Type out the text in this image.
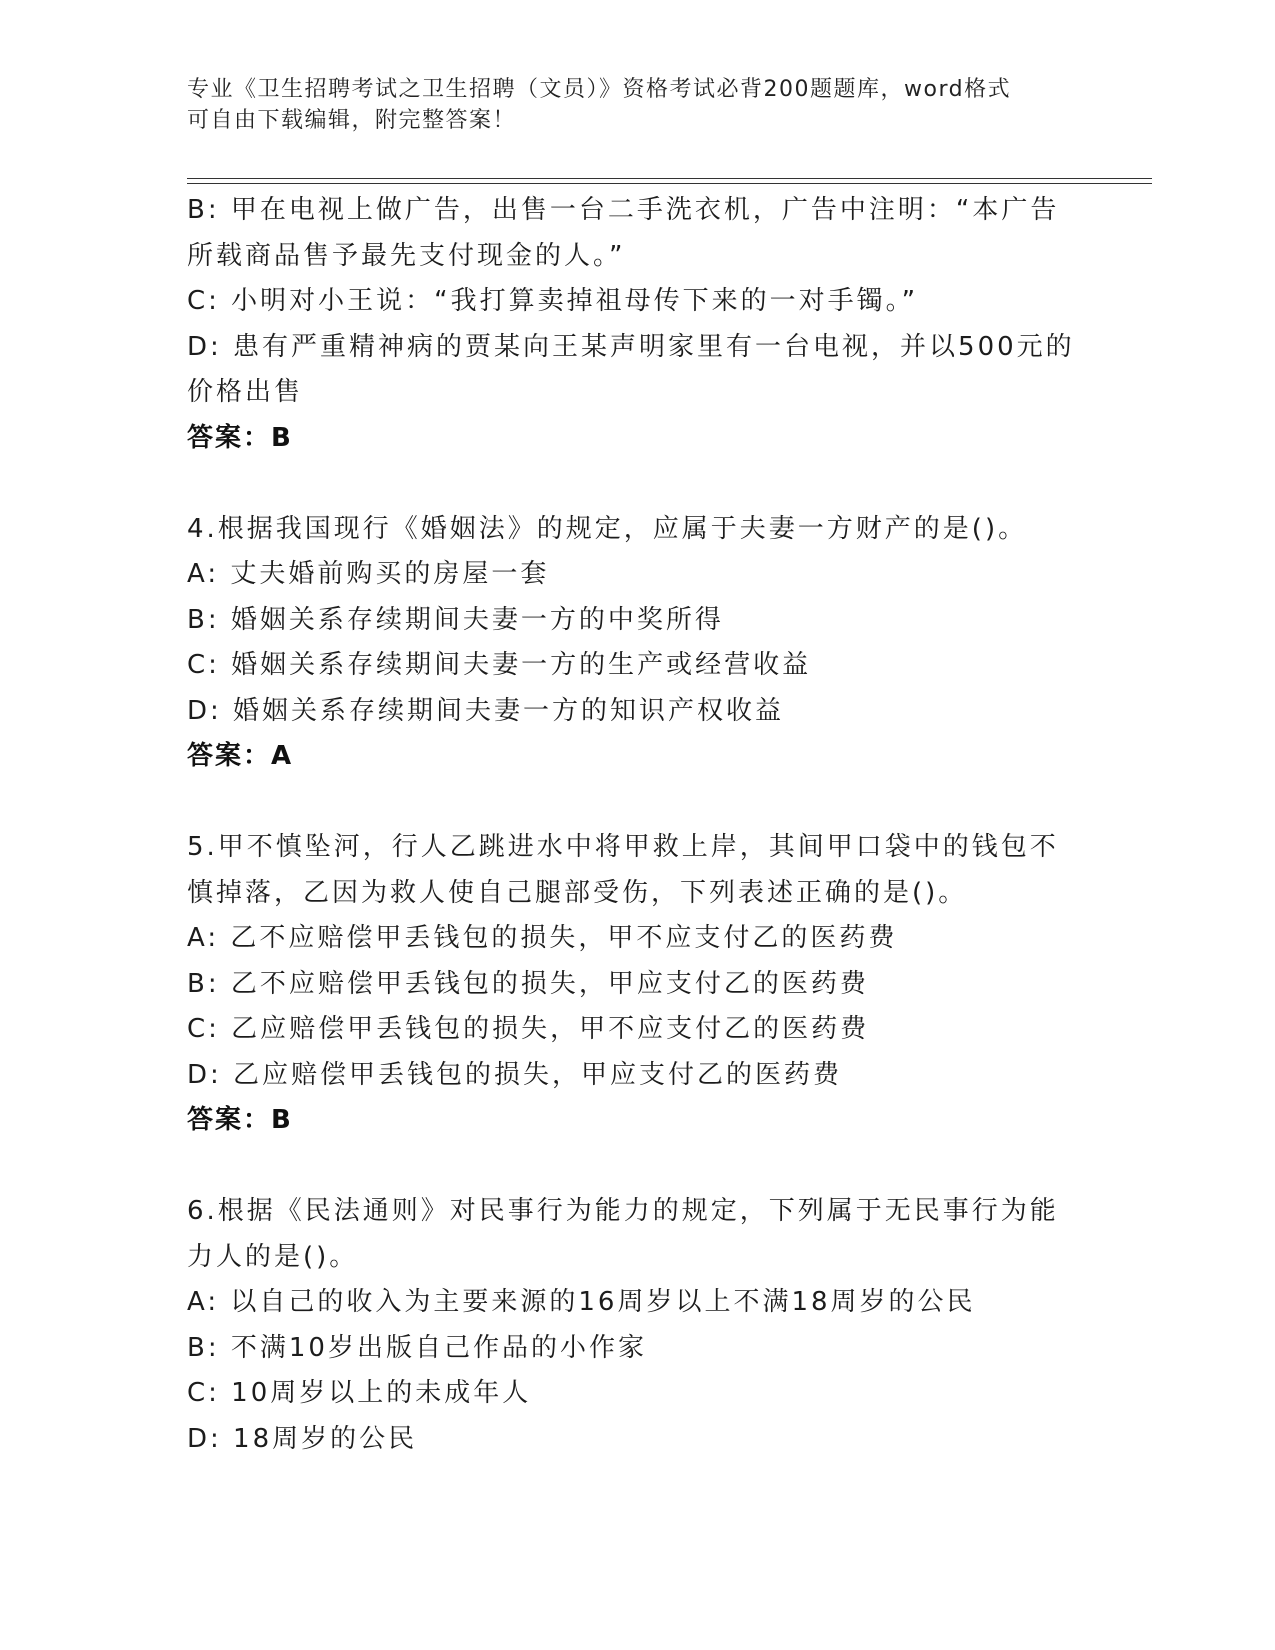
专业《卫生招聘考试之卫生招聘（文员）》资格考试必背200题题库，word格式
可自由下载编辑，附完整答案！
B: 甲在电视上做广告，出售一台二手洗衣机，广告中注明：“本广告
所载商品售予最先支付现金的人。”
C: 小明对小王说：“我打算卖掉祖母传下来的一对手镯。”
D: 患有严重精神病的贾某向王某声明家里有一台电视，并以500元的
价格出售
答案：B
4.根据我国现行《婚姻法》的规定，应属于夫妻一方财产的是()。
A: 丈夫婚前购买的房屋一套
B: 婚姻关系存续期间夫妻一方的中奖所得
C: 婚姻关系存续期间夫妻一方的生产或经营收益
D: 婚姻关系存续期间夫妻一方的知识产权收益
答案：A
5.甲不慎坠河，行人乙跳进水中将甲救上岸，其间甲口袋中的钱包不
慎掉落，乙因为救人使自己腿部受伤，下列表述正确的是()。
A: 乙不应赔偿甲丢钱包的损失，甲不应支付乙的医药费
B: 乙不应赔偿甲丢钱包的损失，甲应支付乙的医药费
C: 乙应赔偿甲丢钱包的损失，甲不应支付乙的医药费
D: 乙应赔偿甲丢钱包的损失，甲应支付乙的医药费
答案：B
6.根据《民法通则》对民事行为能力的规定，下列属于无民事行为能
力人的是()。
A: 以自己的收入为主要来源的16周岁以上不满18周岁的公民
B: 不满10岁出版自己作品的小作家
C: 10周岁以上的未成年人
D: 18周岁的公民
